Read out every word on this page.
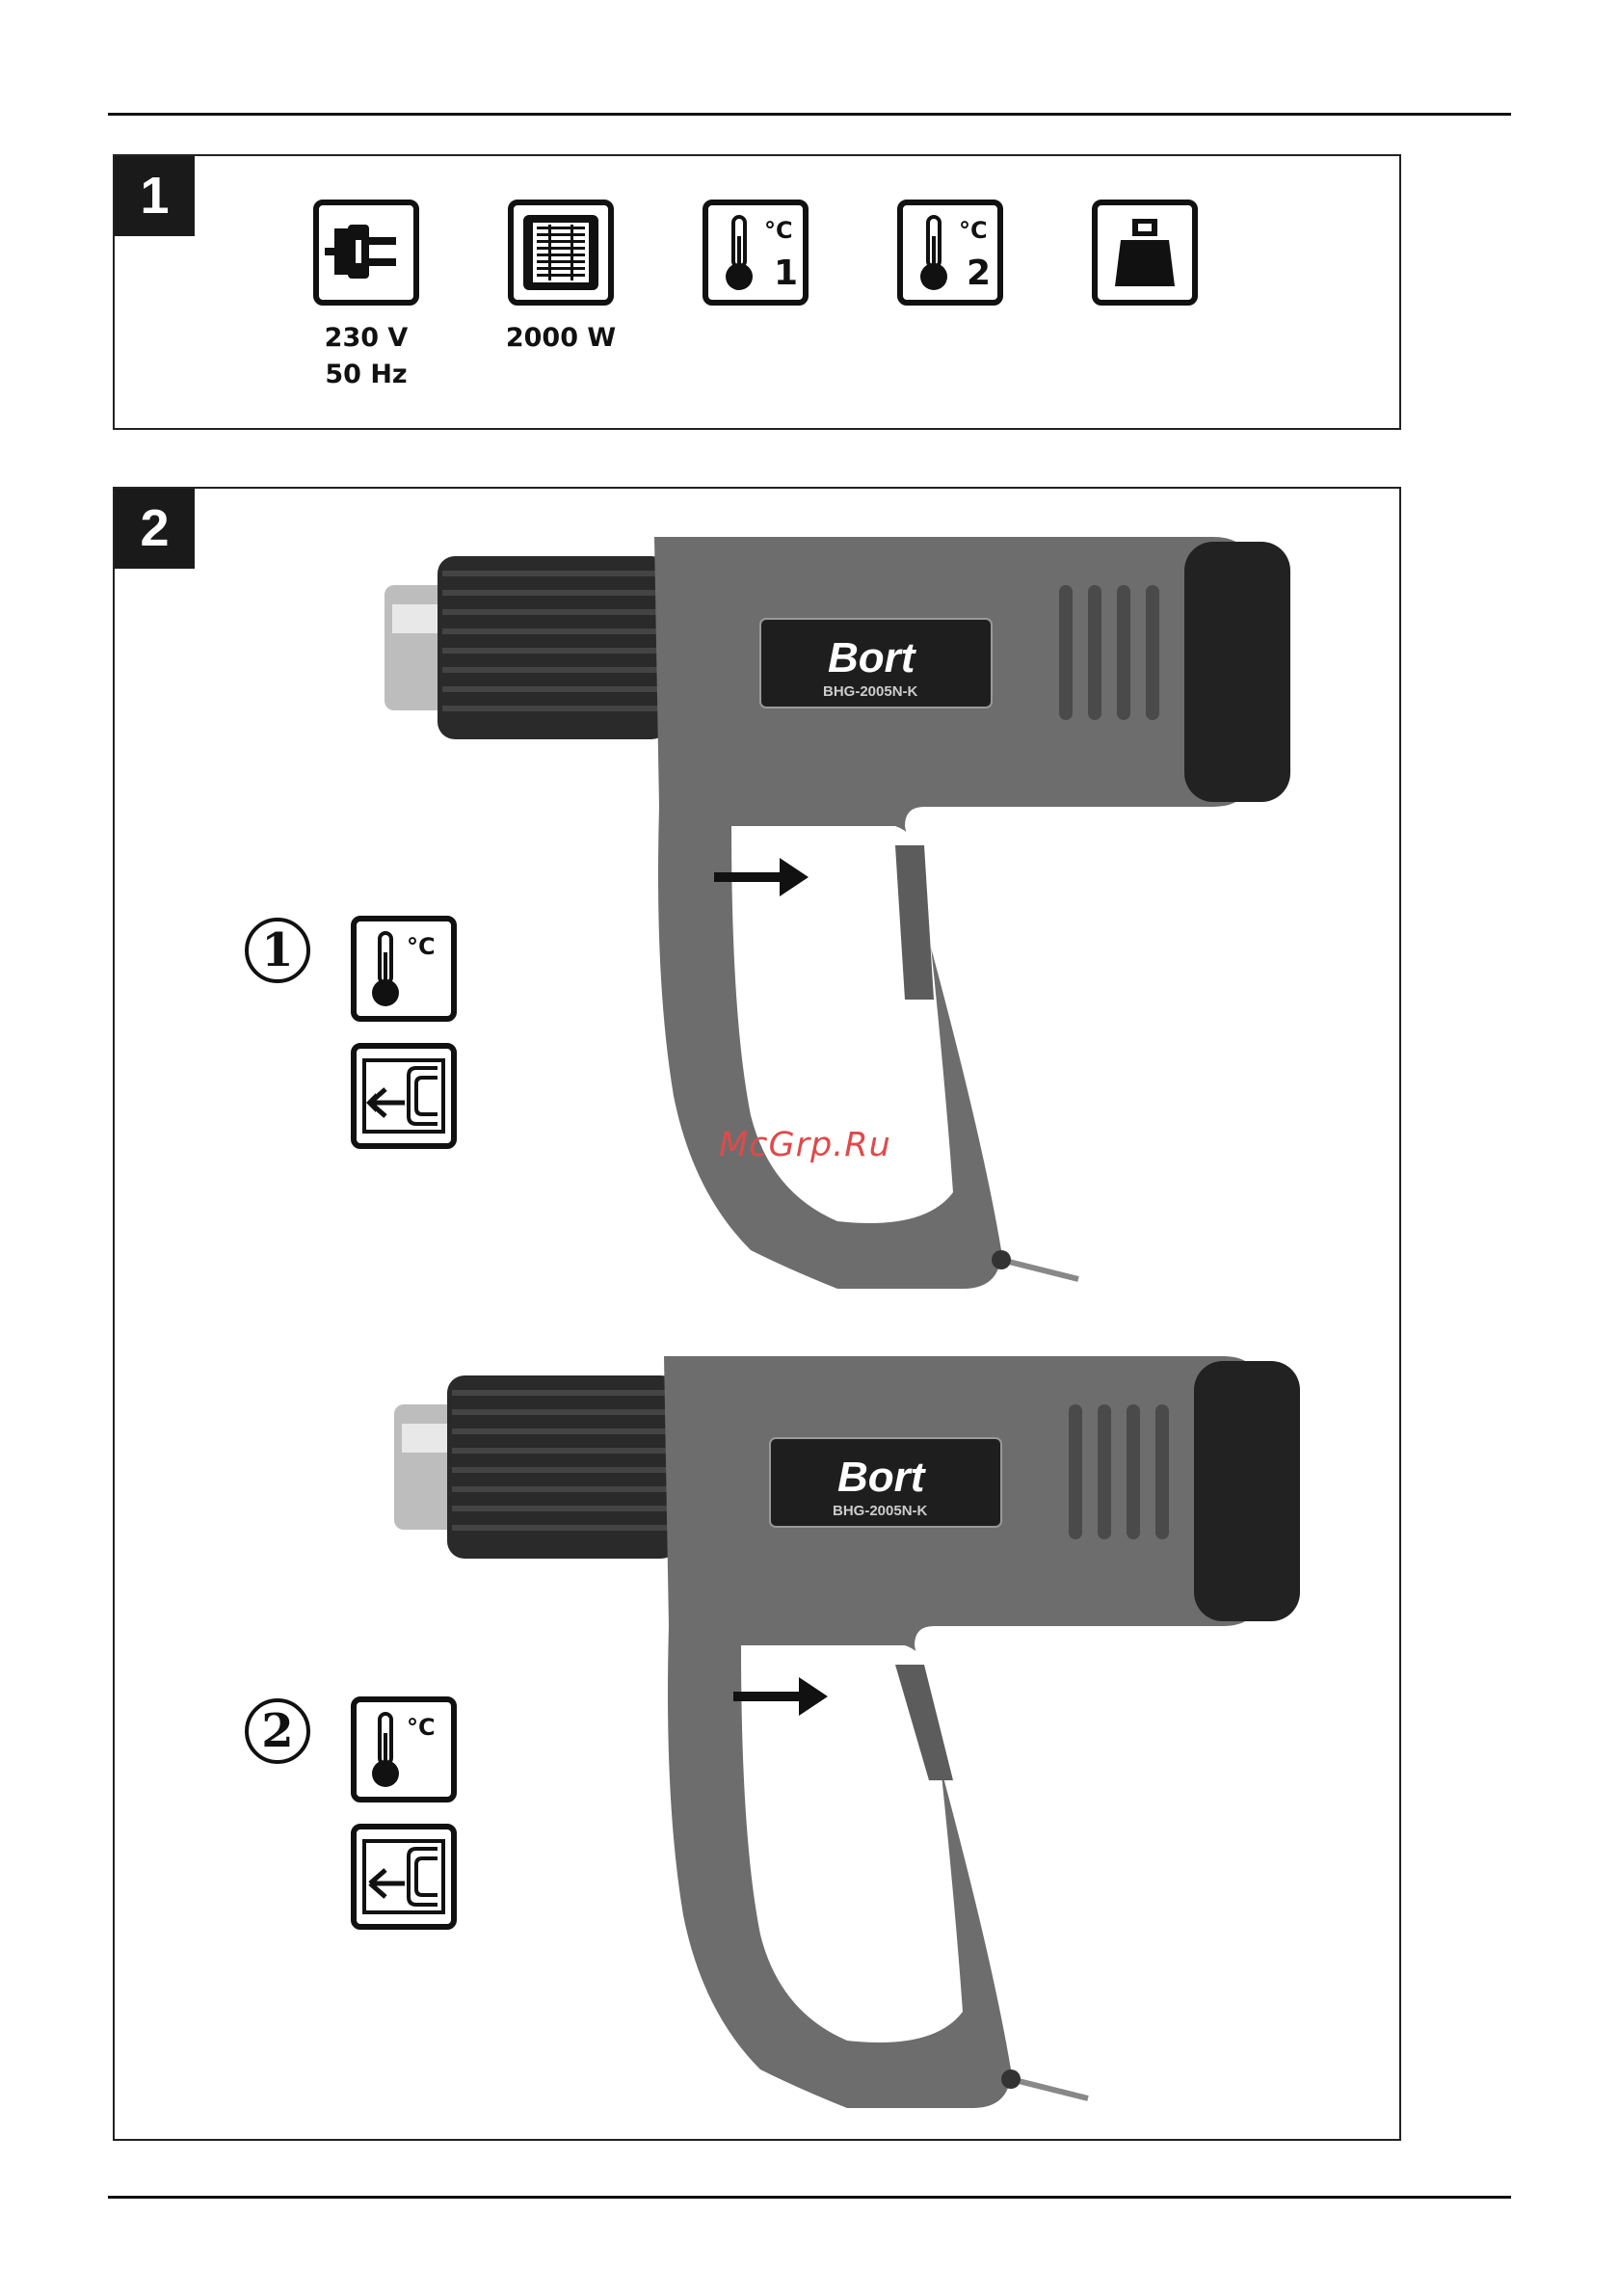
1
230 V
50 Hz
2000 W
°C
1
°C
2
2
1	°C
2	°C
Bort
BHG-2005N-K
Bort
BHG-2005N-K
McGrp.Ru
